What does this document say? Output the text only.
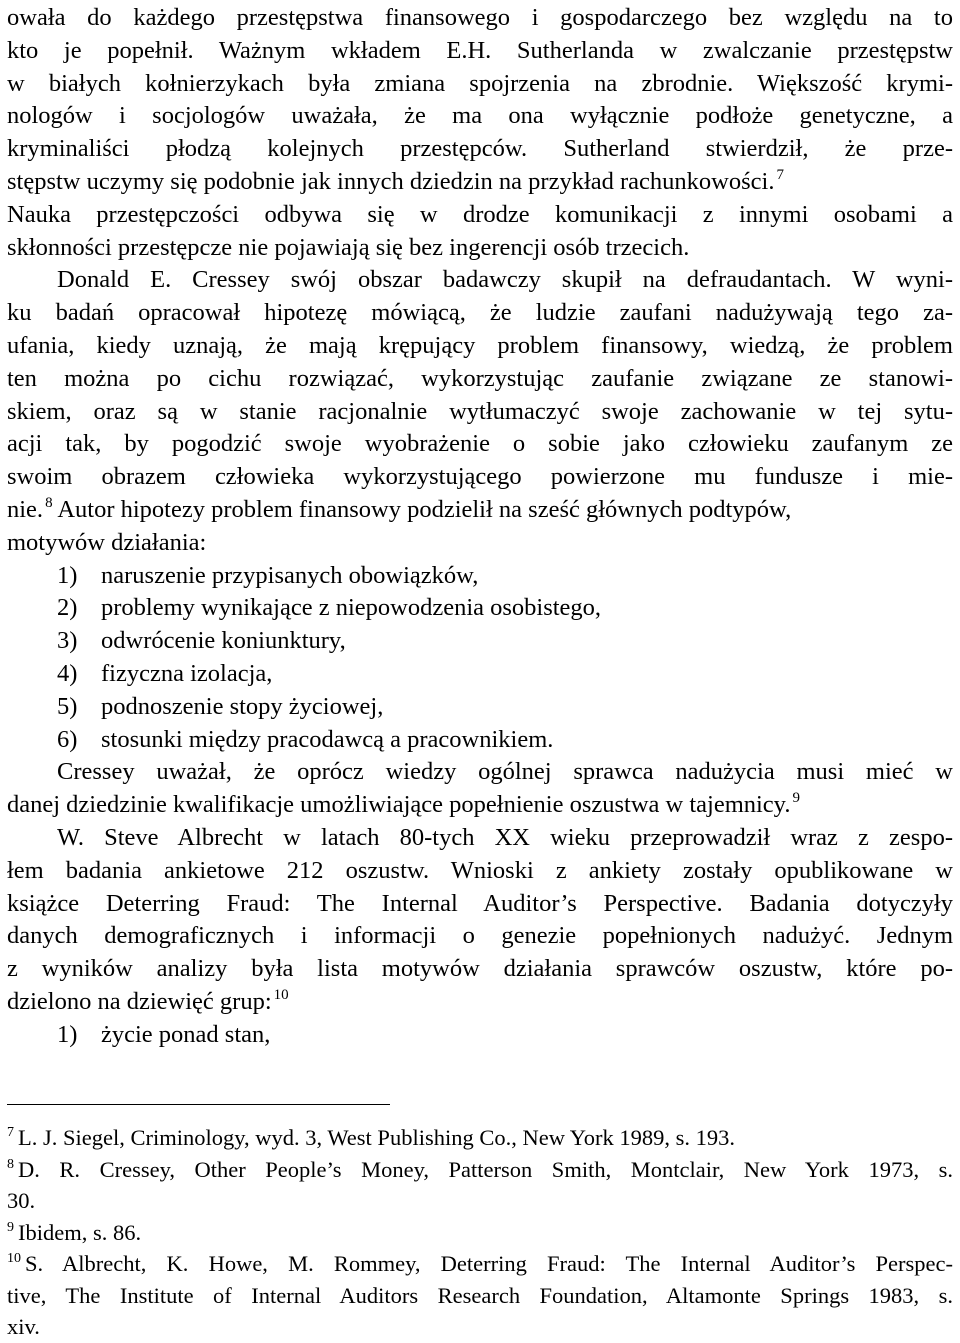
owała do każdego przestępstwa finansowego i gospodarczego bez względu na to
kto je popełnił. Ważnym wkładem E.H. Sutherlanda w zwalczanie przestępstw
w białych kołnierzykach była zmiana spojrzenia na zbrodnie. Większość krymi-
nologów i socjologów uważała, że ma ona wyłącznie podłoże genetyczne, a
kryminaliści płodzą kolejnych przestępców. Sutherland stwierdził, że prze-
stępstw uczymy się podobnie jak innych dziedzin na przykład rachunkowości. $^7$
Nauka przestępczości odbywa się w drodze komunikacji z innymi osobami a
skłonności przestępcze nie pojawiają się bez ingerencji osób trzecich.
Donald E. Cressey swój obszar badawczy skupił na defraudantach. W wyni-
ku badań opracował hipotezę mówiącą, że ludzie zaufani nadużywają tego za-
ufania, kiedy uznają, że mają krępujący problem finansowy, wiedzą, że problem
ten można po cichu rozwiązać, wykorzystując zaufanie związane ze stanowi-
skiem, oraz są w stanie racjonalnie wytłumaczyć swoje zachowanie w tej sytu-
acji tak, by pogodzić swoje wyobrażenie o sobie jako człowieku zaufanym ze
swoim obrazem człowieka wykorzystującego powierzone mu fundusze i mie-
nie. $^8$ Autor hipotezy problem finansowy podzielił na sześć głównych podtypów,
motywów działania:
1) naruszenie przypisanych obowiązków,
2) problemy wynikające z niepowodzenia osobistego,
3) odwrócenie koniunktury,
4) fizyczna izolacja,
5) podnoszenie stopy życiowej,
6) stosunki między pracodawcą a pracownikiem.
Cressey uważał, że oprócz wiedzy ogólnej sprawca nadużycia musi mieć w
danej dziedzinie kwalifikacje umożliwiające popełnienie oszustwa w tajemnicy. $^9$
W. Steve Albrecht w latach 80-tych XX wieku przeprowadził wraz z zespo-
łem badania ankietowe 212 oszustw. Wnioski z ankiety zostały opublikowane w
książce Deterring Fraud: The Internal Auditor’s Perspective. Badania dotyczyły
danych demograficznych i informacji o genezie popełnionych nadużyć. Jednym
z wyników analizy była lista motywów działania sprawców oszustw, które po-
dzielono na dziewięć grup: $^{10}$
1) życie ponad stan,
$^7$ L. J. Siegel, Criminology, wyd. 3, West Publishing Co., New York 1989, s. 193.
$^8$ D. R. Cressey, Other People’s Money, Patterson Smith, Montclair, New York 1973, s.
30.
$^9$ Ibidem, s. 86.
$^{10}$ S. Albrecht, K. Howe, M. Rommey, Deterring Fraud: The Internal Auditor’s Perspec-
tive, The Institute of Internal Auditors Research Foundation, Altamonte Springs 1983, s.
xiv.
